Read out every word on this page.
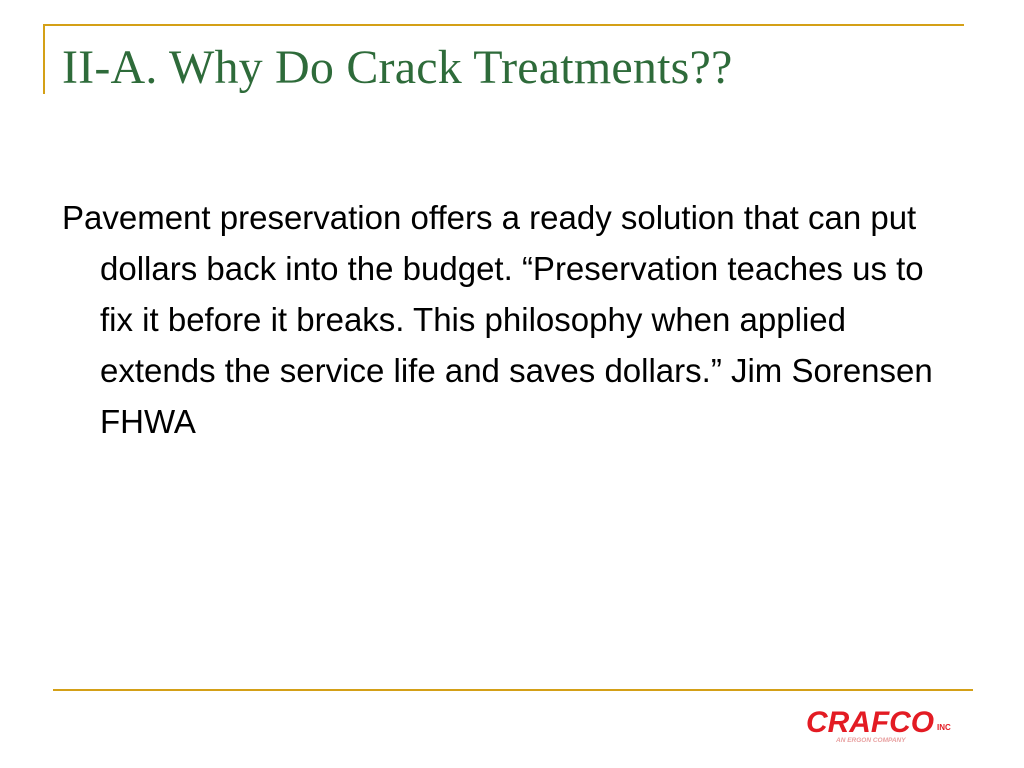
II-A. Why Do Crack Treatments??

Pavement preservation offers a ready solution that can put dollars back into the budget. “Preservation teaches us to fix it before it breaks. This philosophy when applied extends the service life and saves dollars.” Jim Sorensen FHWA

CRAFCO INC
AN ERGON COMPANY
